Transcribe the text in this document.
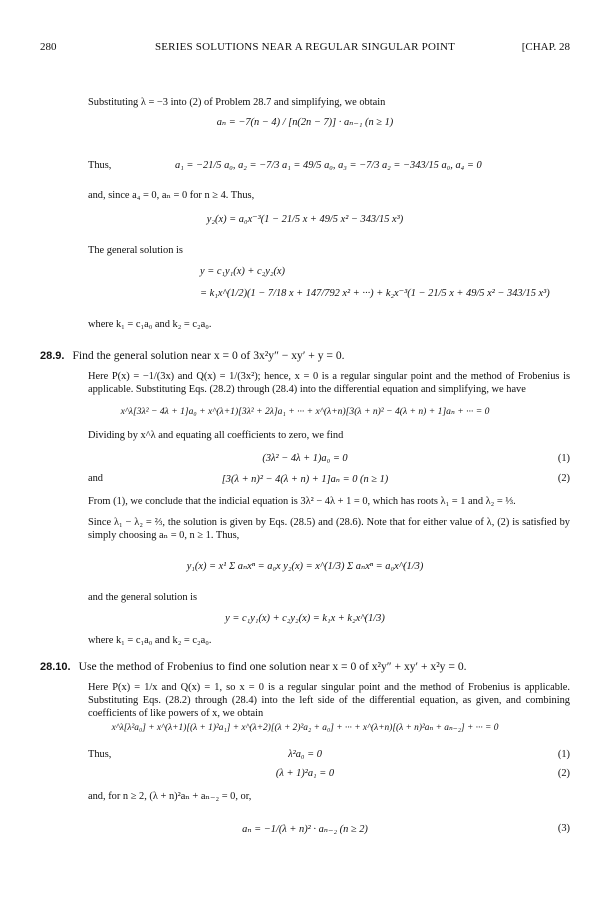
280	SERIES SOLUTIONS NEAR A REGULAR SINGULAR POINT	[CHAP. 28
Substituting λ = −3 into (2) of Problem 28.7 and simplifying, we obtain
aₙ = −7(n − 4) / [n(2n − 7)] · aₙ₋₁ (n ≥ 1)
Thus,	a₁ = −21/5 a₀, a₂ = −7/3 a₁ = 49/5 a₀, a₃ = −7/3 a₂ = −343/15 a₀, a₄ = 0
and, since a₄ = 0, aₙ = 0 for n ≥ 4. Thus,
y₂(x) = a₀x⁻³(1 − 21/5 x + 49/5 x² − 343/15 x³)
The general solution is
y = c₁y₁(x) + c₂y₂(x)
= k₁x^(1/2)(1 − 7/18 x + 147/792 x² + ···) + k₂x⁻³(1 − 21/5 x + 49/5 x² − 343/15 x³)
where k₁ = c₁a₀ and k₂ = c₂a₀.
28.9. Find the general solution near x = 0 of 3x²y″ − xy′ + y = 0.
Here P(x) = −1/(3x) and Q(x) = 1/(3x²); hence, x = 0 is a regular singular point and the method of Frobenius is applicable. Substituting Eqs. (28.2) through (28.4) into the differential equation and simplifying, we have
x^λ[3λ² − 4λ + 1]a₀ + x^(λ+1)[3λ² + 2λ]a₁ + ··· + x^(λ+n)[3(λ + n)² − 4(λ + n) + 1]aₙ + ··· = 0
Dividing by x^λ and equating all coefficients to zero, we find
(3λ² − 4λ + 1)a₀ = 0	(1)
and	[3(λ + n)² − 4(λ + n) + 1]aₙ = 0 (n ≥ 1)	(2)
From (1), we conclude that the indicial equation is 3λ² − 4λ + 1 = 0, which has roots λ₁ = 1 and λ₂ = ⅓.
Since λ₁ − λ₂ = ⅔, the solution is given by Eqs. (28.5) and (28.6). Note that for either value of λ, (2) is satisfied by simply choosing aₙ = 0, n ≥ 1. Thus,
y₁(x) = x¹ Σ aₙxⁿ = a₀x y₂(x) = x^(1/3) Σ aₙxⁿ = a₀x^(1/3)
and the general solution is
y = c₁y₁(x) + c₂y₂(x) = k₁x + k₂x^(1/3)
where k₁ = c₁a₀ and k₂ = c₂a₀.
28.10. Use the method of Frobenius to find one solution near x = 0 of x²y″ + xy′ + x²y = 0.
Here P(x) = 1/x and Q(x) = 1, so x = 0 is a regular singular point and the method of Frobenius is applicable. Substituting Eqs. (28.2) through (28.4) into the left side of the differential equation, as given, and combining coefficients of like powers of x, we obtain
x^λ[λ²a₀] + x^(λ+1)[(λ + 1)²a₁] + x^(λ+2)[(λ + 2)²a₂ + a₀] + ··· + x^(λ+n)[(λ + n)²aₙ + aₙ₋₂] + ··· = 0
Thus,	λ²a₀ = 0	(1)
(λ + 1)²a₁ = 0	(2)
and, for n ≥ 2, (λ + n)²aₙ + aₙ₋₂ = 0, or,
aₙ = −1/(λ + n)² · aₙ₋₂ (n ≥ 2)	(3)
